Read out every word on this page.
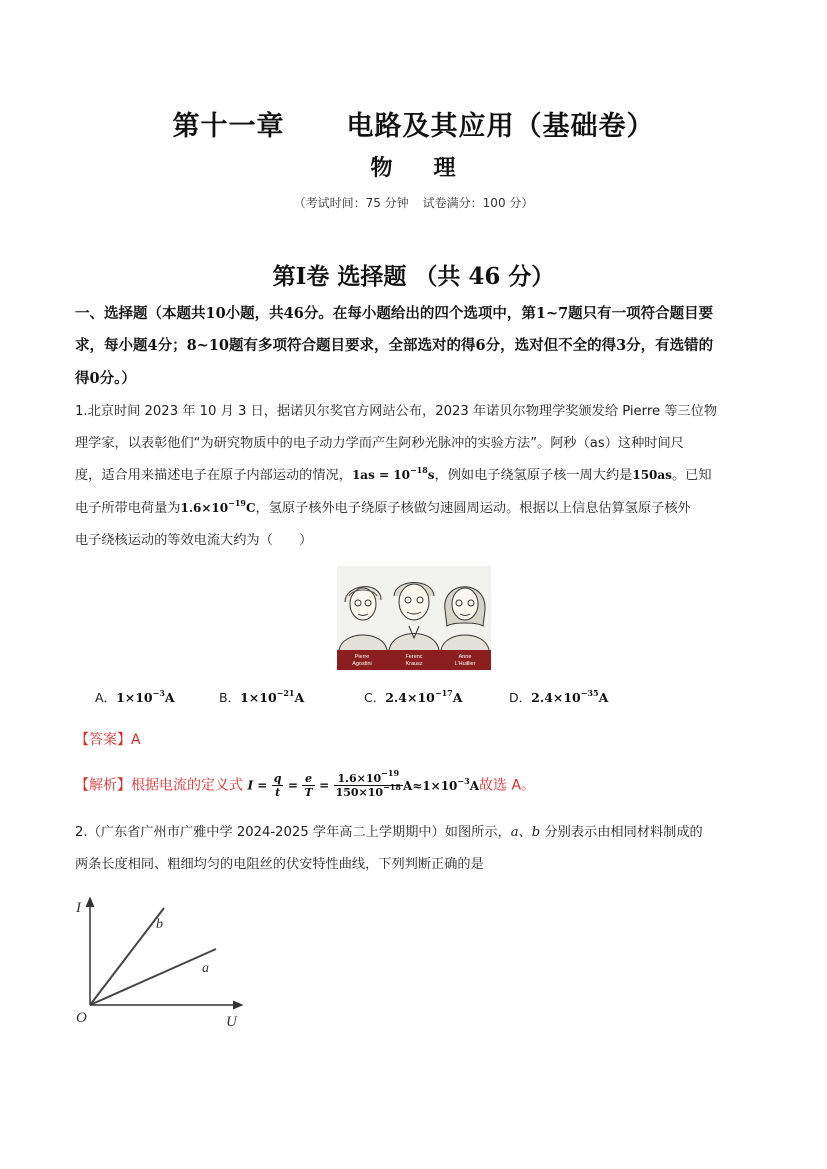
第十一章 电路及其应用（基础卷）
物 理
（考试时间：75 分钟 试卷满分：100 分）
第Ⅰ卷 选择题 （共 46 分）
一、选择题（本题共10小题，共46分。在每小题给出的四个选项中，第1~7题只有一项符合题目要
求，每小题4分；8~10题有多项符合题目要求，全部选对的得6分，选对但不全的得3分，有选错的
得0分。）
1.北京时间 2023 年 10 月 3 日，据诺贝尔奖官方网站公布，2023 年诺贝尔物理学奖颁发给 Pierre 等三位物
理学家，以表彰他们“为研究物质中的电子动力学而产生阿秒光脉冲的实验方法”。阿秒（as）这种时间尺
度，适合用来描述电子在原子内部运动的情况，$1as = 10^{-18}s$，例如电子绕氢原子核一周大约是150as。已知
电子所带电荷量为$1.6\times 10^{-19}C$，氢原子核外电子绕原子核做匀速圆周运动。根据以上信息估算氢原子核外
电子绕核运动的等效电流大约为（　　）
Pierre Agostini
Ferenc Krausz
Anne L'Huillier
A．$1\times 10^{-3}A$	B．$1\times 10^{-21}A$	C．$2.4\times 10^{-17}A$	D．$2.4\times 10^{-35}A$
【答案】A
【解析】根据电流的定义式 $I = \frac{q}{t} = \frac{e}{T} = \frac{1.6\times 10^{-19}}{150\times 10^{-18}} A\approx 1\times 10^{-3}A$故选 A。
2.（广东省广州市广雅中学 2024-2025 学年高二上学期期中）如图所示，a、b 分别表示由相同材料制成的
两条长度相同、粗细均匀的电阻丝的伏安特性曲线，下列判断正确的是
I
U
O
b
a
